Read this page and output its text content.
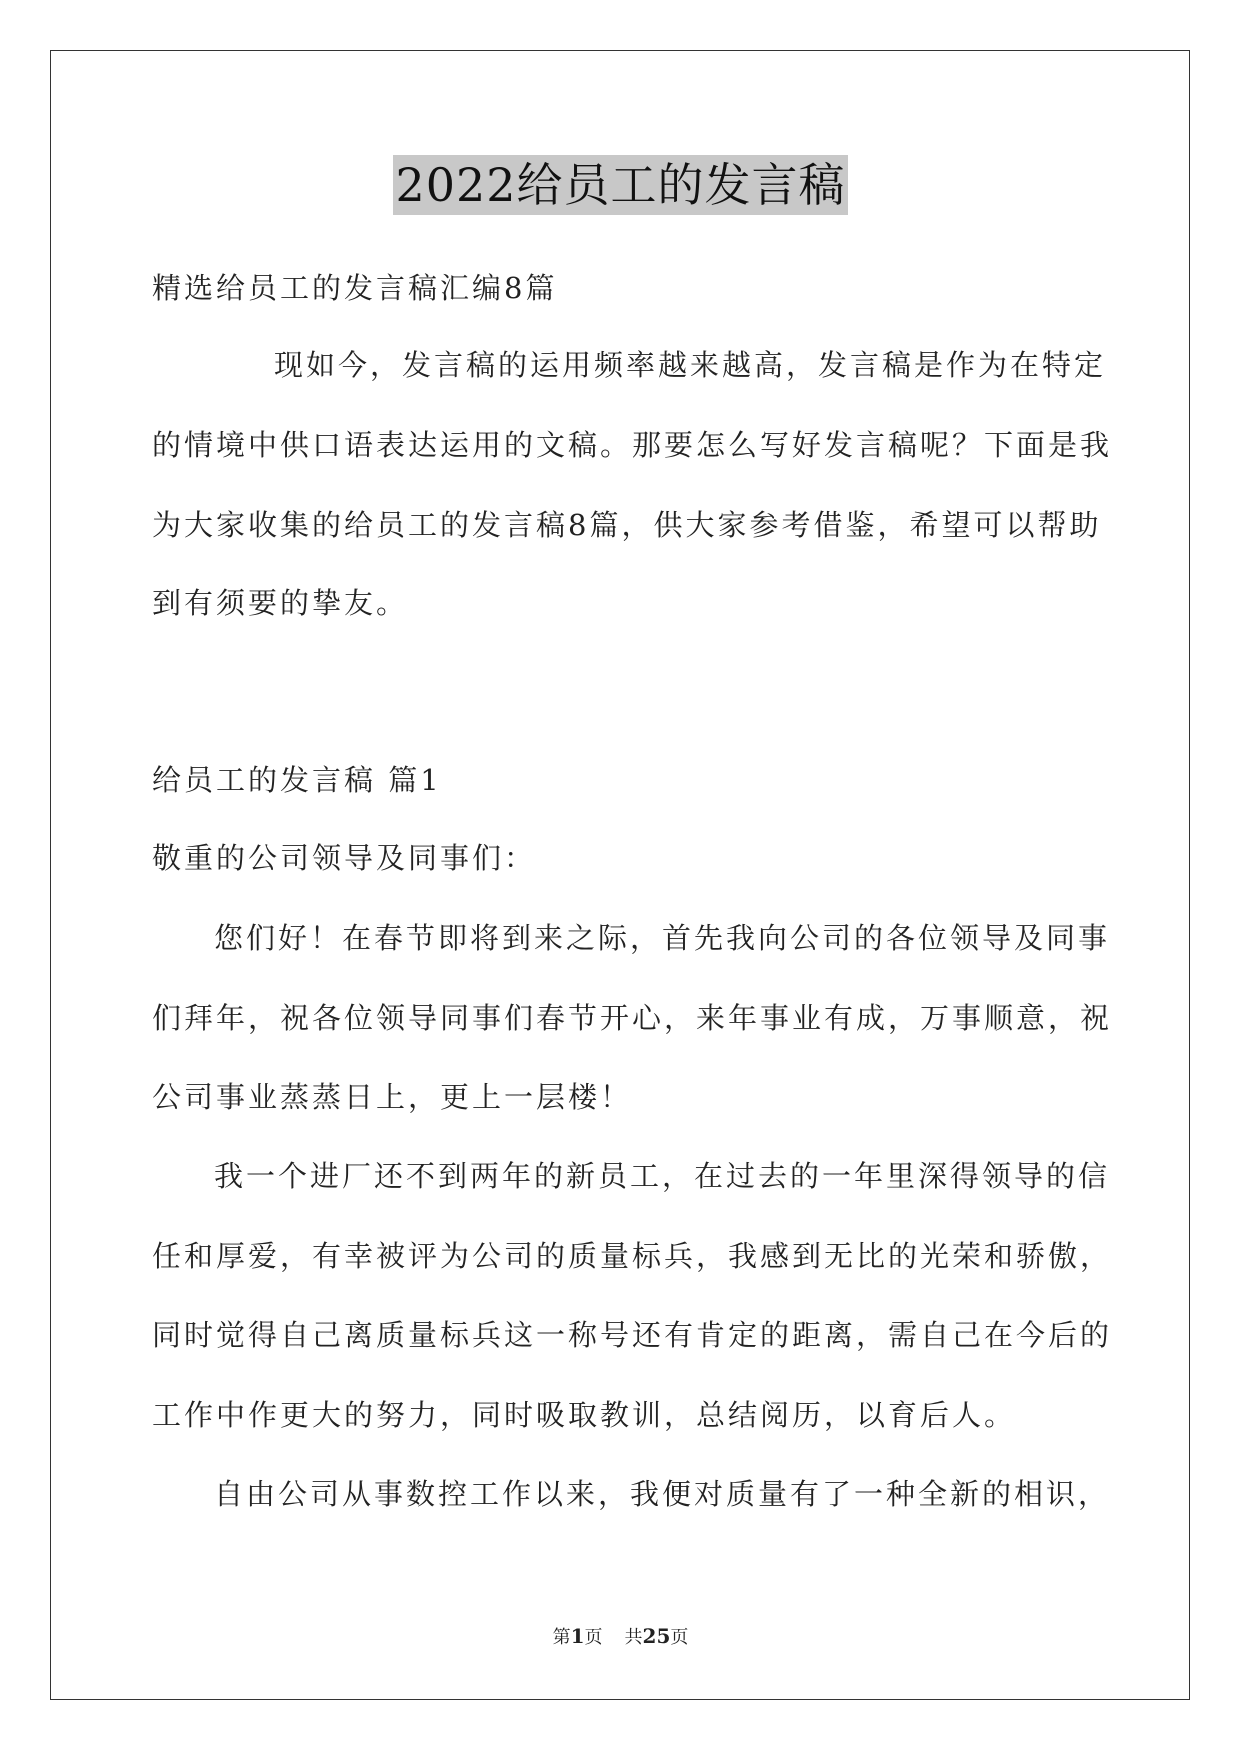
2022给员工的发言稿
精选给员工的发言稿汇编8篇
现如今，发言稿的运用频率越来越高，发言稿是作为在特定
的情境中供口语表达运用的文稿。那要怎么写好发言稿呢？下面是我
为大家收集的给员工的发言稿8篇，供大家参考借鉴，希望可以帮助
到有须要的挚友。
给员工的发言稿 篇1
敬重的公司领导及同事们：
您们好！在春节即将到来之际，首先我向公司的各位领导及同事
们拜年，祝各位领导同事们春节开心，来年事业有成，万事顺意，祝
公司事业蒸蒸日上，更上一层楼！
我一个进厂还不到两年的新员工，在过去的一年里深得领导的信
任和厚爱，有幸被评为公司的质量标兵，我感到无比的光荣和骄傲，
同时觉得自己离质量标兵这一称号还有肯定的距离，需自己在今后的
工作中作更大的努力，同时吸取教训，总结阅历，以育后人。
自由公司从事数控工作以来，我便对质量有了一种全新的相识，
第1页 共25页
